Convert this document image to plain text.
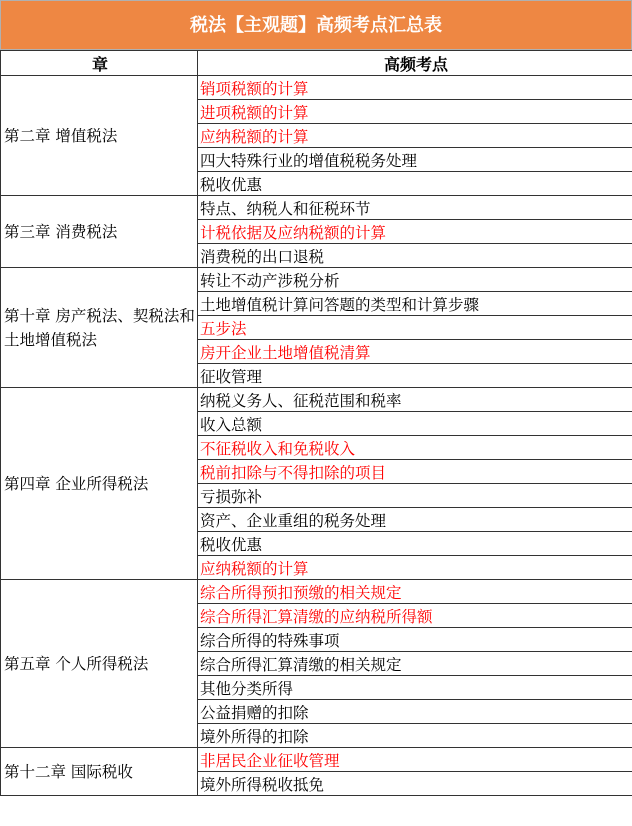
税法【主观题】高频考点汇总表
章	高频考点
第二章 增值税法	销项税额的计算
	进项税额的计算
	应纳税额的计算
	四大特殊行业的增值税税务处理
	税收优惠
第三章 消费税法	特点、纳税人和征税环节
	计税依据及应纳税额的计算
	消费税的出口退税
第十章 房产税法、契税法和土地增值税法	转让不动产涉税分析
	土地增值税计算问答题的类型和计算步骤
	五步法
	房开企业土地增值税清算
	征收管理
第四章 企业所得税法	纳税义务人、征税范围和税率
	收入总额
	不征税收入和免税收入
	税前扣除与不得扣除的项目
	亏损弥补
	资产、企业重组的税务处理
	税收优惠
	应纳税额的计算
第五章 个人所得税法	综合所得预扣预缴的相关规定
	综合所得汇算清缴的应纳税所得额
	综合所得的特殊事项
	综合所得汇算清缴的相关规定
	其他分类所得
	公益捐赠的扣除
	境外所得的扣除
第十二章 国际税收	非居民企业征收管理
	境外所得税收抵免
